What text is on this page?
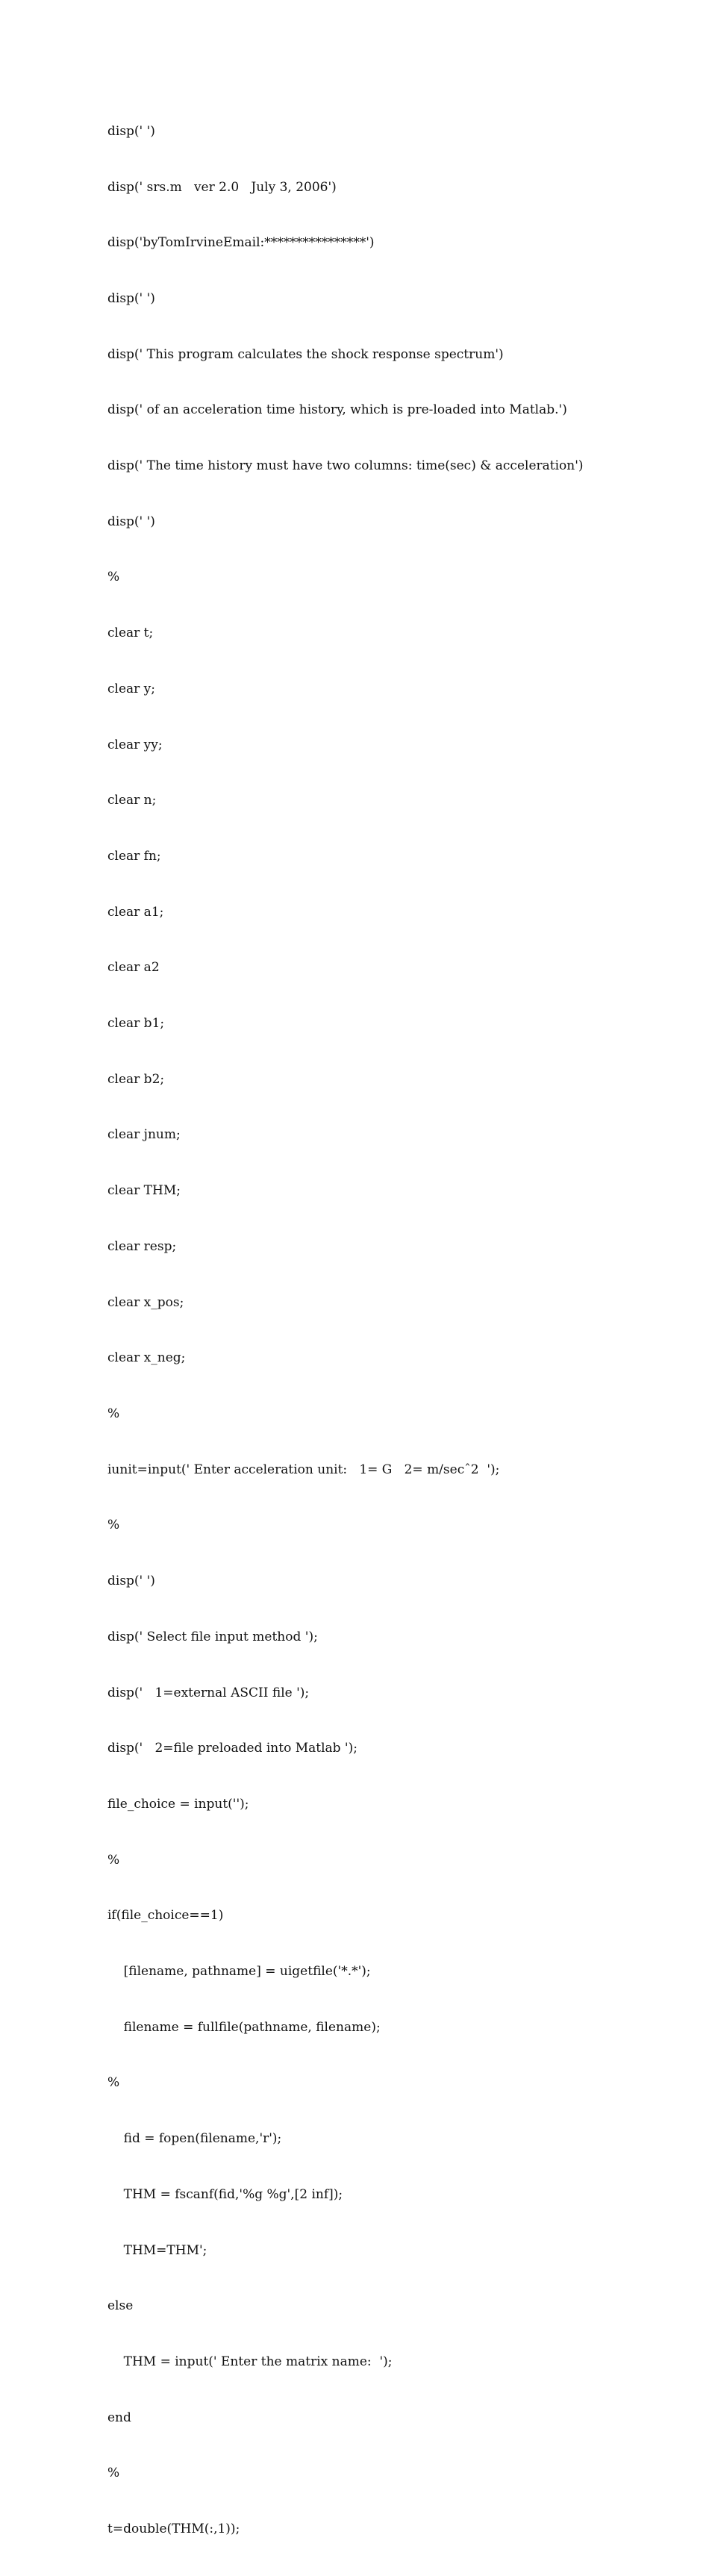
disp(' ')

disp(' srs.m   ver 2.0   July 3, 2006')

disp('byTomIrvineEmail:****************')

disp(' ')

disp(' This program calculates the shock response spectrum')

disp(' of an acceleration time history, which is pre-loaded into Matlab.')

disp(' The time history must have two columns: time(sec) & acceleration')

disp(' ')

%

clear t;

clear y;

clear yy;

clear n;

clear fn;

clear a1;

clear a2

clear b1;

clear b2;

clear jnum;

clear THM;

clear resp;

clear x_pos;

clear x_neg;

%

iunit=input(' Enter acceleration unit:   1= G   2= m/secˆ2  ');

%

disp(' ')

disp(' Select file input method ');

disp('   1=external ASCII file ');

disp('   2=file preloaded into Matlab ');

file_choice = input('');

%

if(file_choice==1)

[filename, pathname] = uigetfile('*.*');

filename = fullfile(pathname, filename);

%

fid = fopen(filename,'r');

THM = fscanf(fid,'%g %g',[2 inf]);

THM=THM';

else

THM = input(' Enter the matrix name:  ');

end

%

t=double(THM(:,1));
